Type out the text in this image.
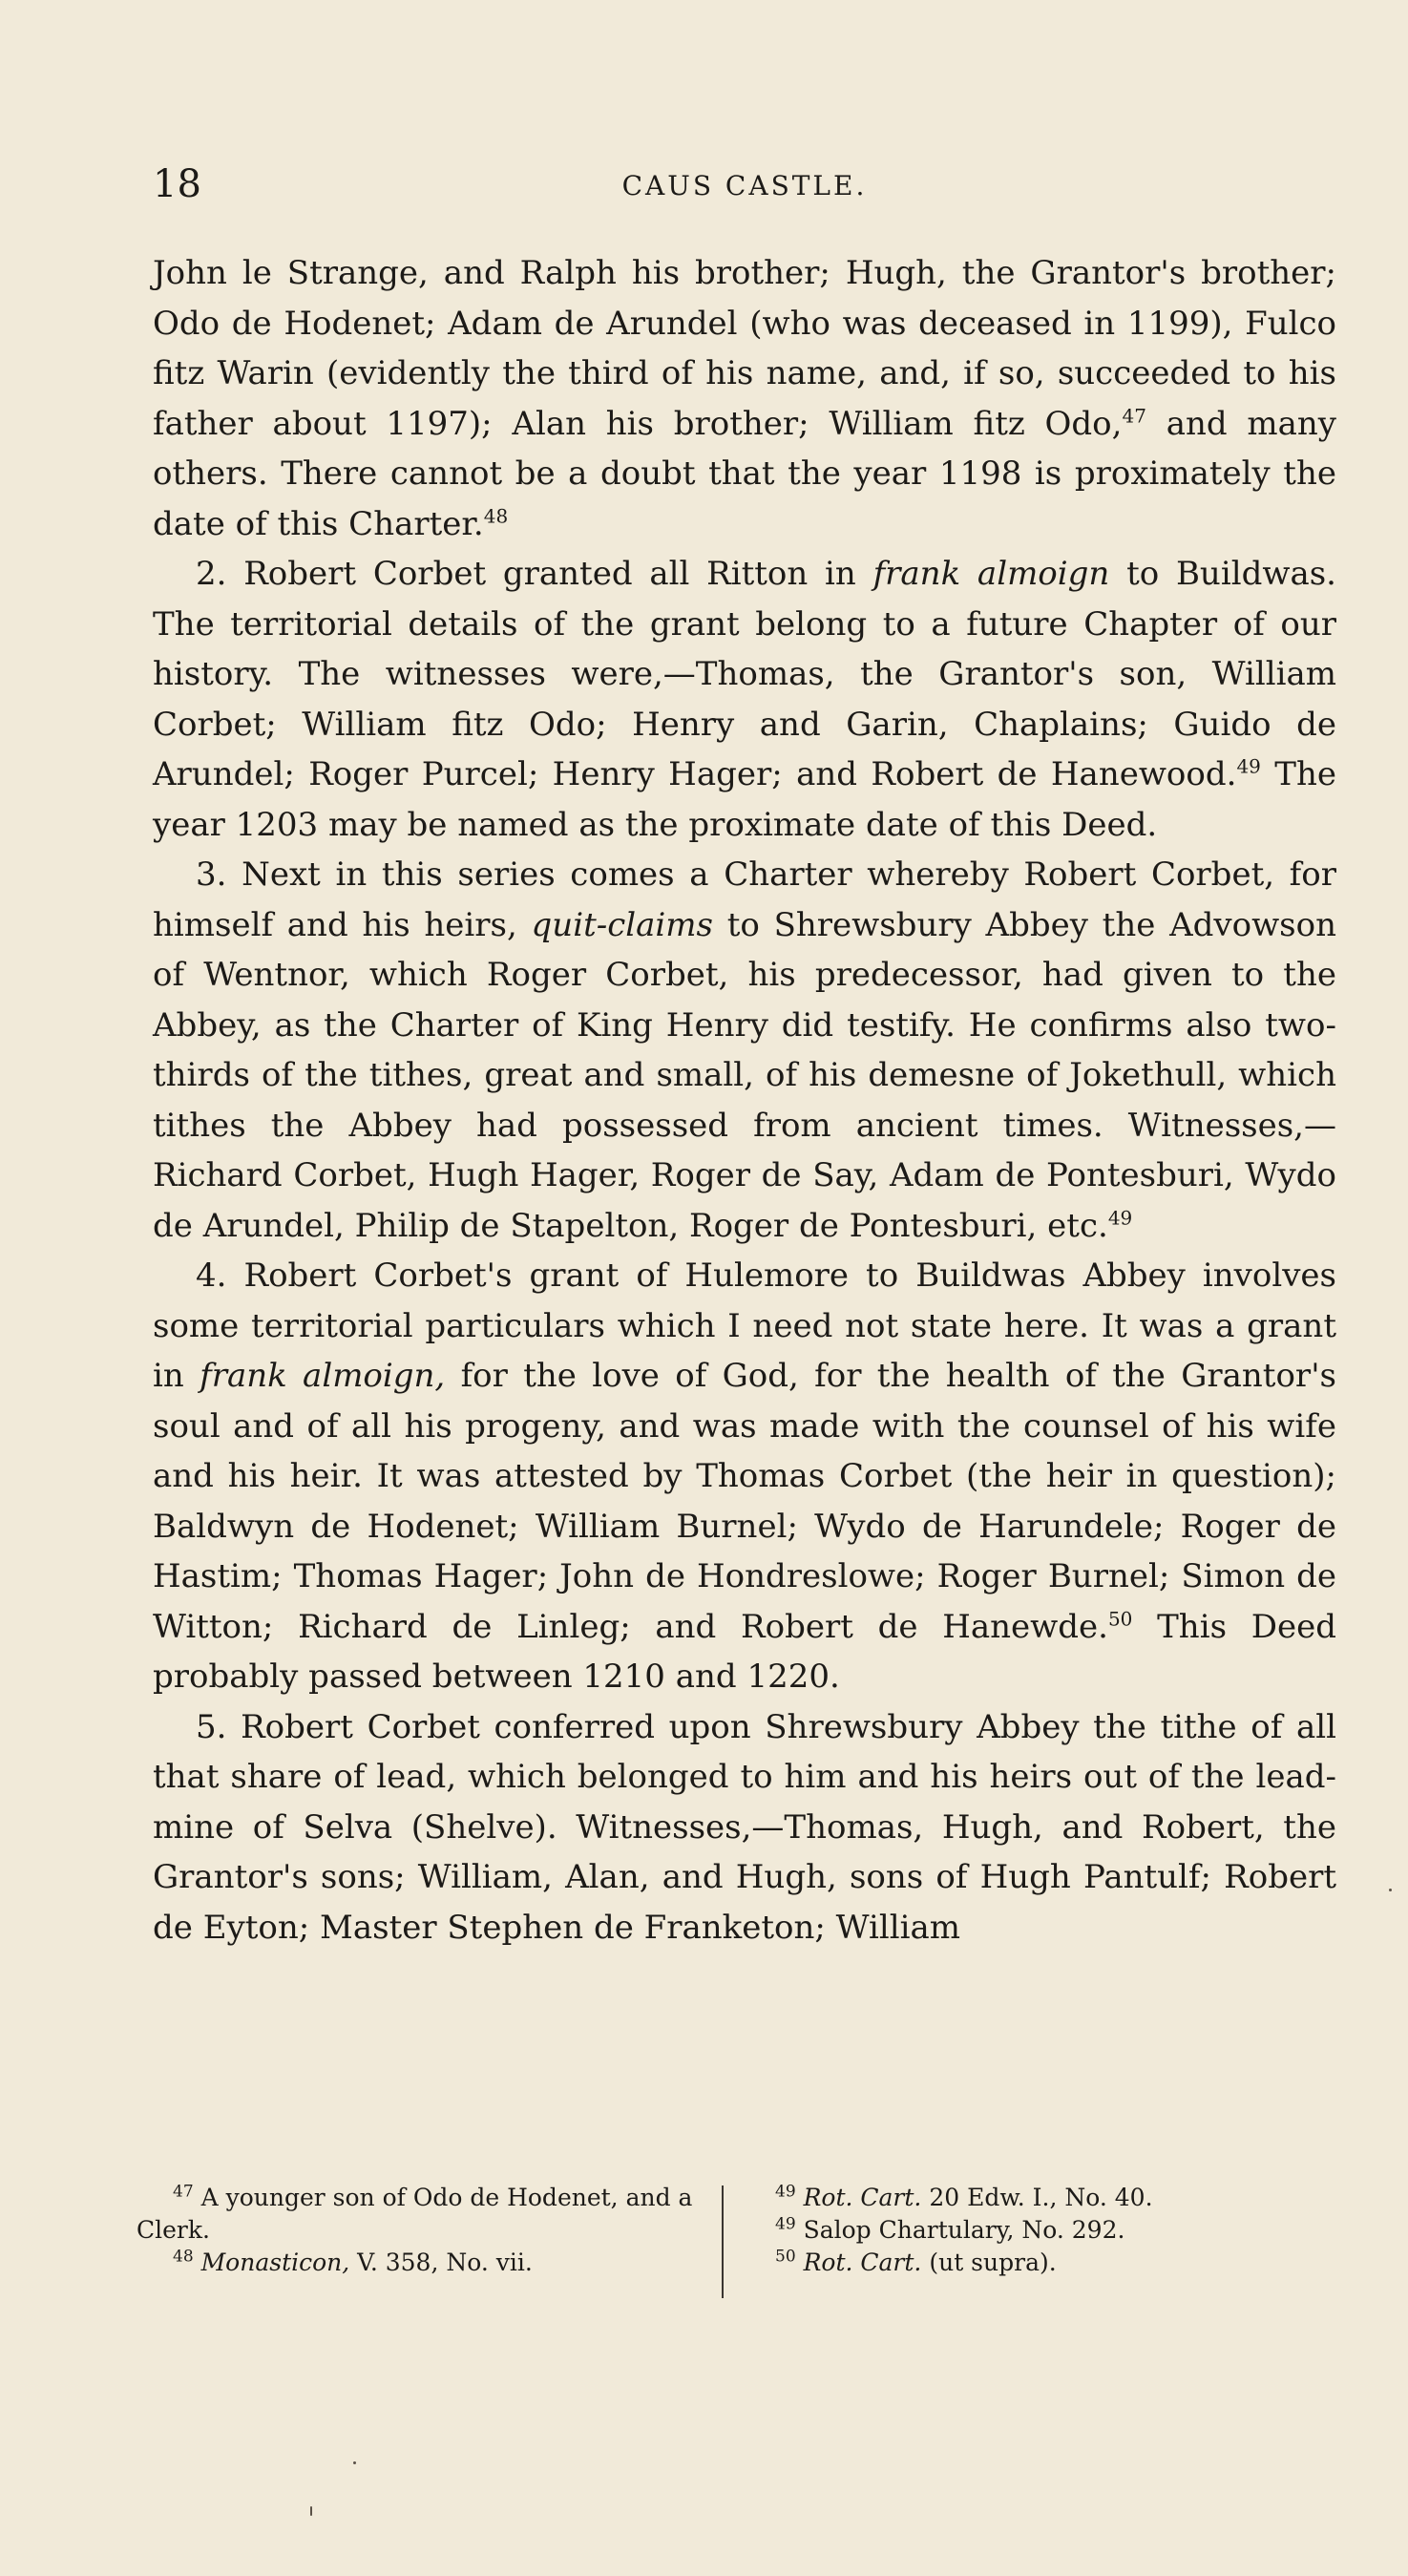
18	CAUS CASTLE.

John le Strange, and Ralph his brother; Hugh, the Grantor's brother; Odo de Hodenet; Adam de Arundel (who was deceased in 1199), Fulco fitz Warin (evidently the third of his name, and, if so, succeeded to his father about 1197); Alan his brother; William fitz Odo,$^{47}$ and many others. There cannot be a doubt that the year 1198 is proximately the date of this Charter.$^{48}$

2. Robert Corbet granted all Ritton in frank almoign to Buildwas. The territorial details of the grant belong to a future Chapter of our history. The witnesses were,—Thomas, the Grantor's son, William Corbet; William fitz Odo; Henry and Garin, Chaplains; Guido de Arundel; Roger Purcel; Henry Hager; and Robert de Hanewood.$^{49}$ The year 1203 may be named as the proximate date of this Deed.

3. Next in this series comes a Charter whereby Robert Corbet, for himself and his heirs, quit-claims to Shrewsbury Abbey the Advowson of Wentnor, which Roger Corbet, his predecessor, had given to the Abbey, as the Charter of King Henry did testify. He confirms also two-thirds of the tithes, great and small, of his demesne of Jokethull, which tithes the Abbey had possessed from ancient times. Witnesses,—Richard Corbet, Hugh Hager, Roger de Say, Adam de Pontesburi, Wydo de Arundel, Philip de Stapelton, Roger de Pontesburi, etc.$^{49}$

4. Robert Corbet's grant of Hulemore to Buildwas Abbey involves some territorial particulars which I need not state here. It was a grant in frank almoign, for the love of God, for the health of the Grantor's soul and of all his progeny, and was made with the counsel of his wife and his heir. It was attested by Thomas Corbet (the heir in question); Baldwyn de Hodenet; William Burnel; Wydo de Harundele; Roger de Hastim; Thomas Hager; John de Hondreslowe; Roger Burnel; Simon de Witton; Richard de Linleg; and Robert de Hanewde.$^{50}$ This Deed probably passed between 1210 and 1220.

5. Robert Corbet conferred upon Shrewsbury Abbey the tithe of all that share of lead, which belonged to him and his heirs out of the lead-mine of Selva (Shelve). Witnesses,—Thomas, Hugh, and Robert, the Grantor's sons; William, Alan, and Hugh, sons of Hugh Pantulf; Robert de Eyton; Master Stephen de Franketon; William

$^{47}$ A younger son of Odo de Hodenet, and a Clerk.

$^{48}$ Monasticon, V. 358, No. vii.

$^{49}$ Rot. Cart. 20 Edw. I., No. 40.

$^{49}$ Salop Chartulary, No. 292.

$^{50}$ Rot. Cart. (ut supra).
